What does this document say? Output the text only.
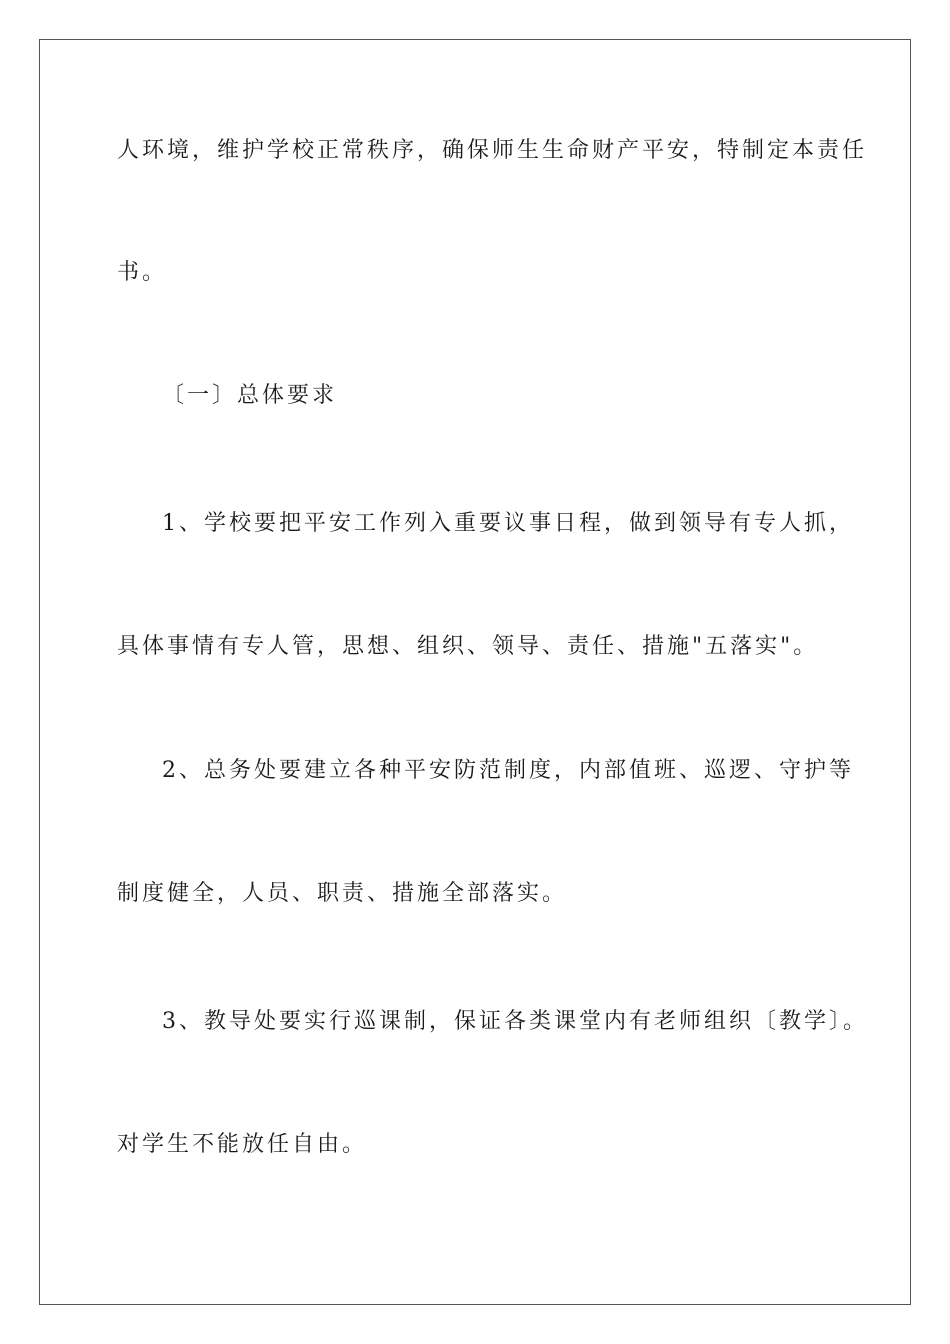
人环境，维护学校正常秩序，确保师生生命财产平安，特制定本责任
书。
〔一〕总体要求
1、学校要把平安工作列入重要议事日程，做到领导有专人抓，
具体事情有专人管，思想、组织、领导、责任、措施"五落实"。
2、总务处要建立各种平安防范制度，内部值班、巡逻、守护等
制度健全，人员、职责、措施全部落实。
3、教导处要实行巡课制，保证各类课堂内有老师组织〔教学〕。
对学生不能放任自由。
